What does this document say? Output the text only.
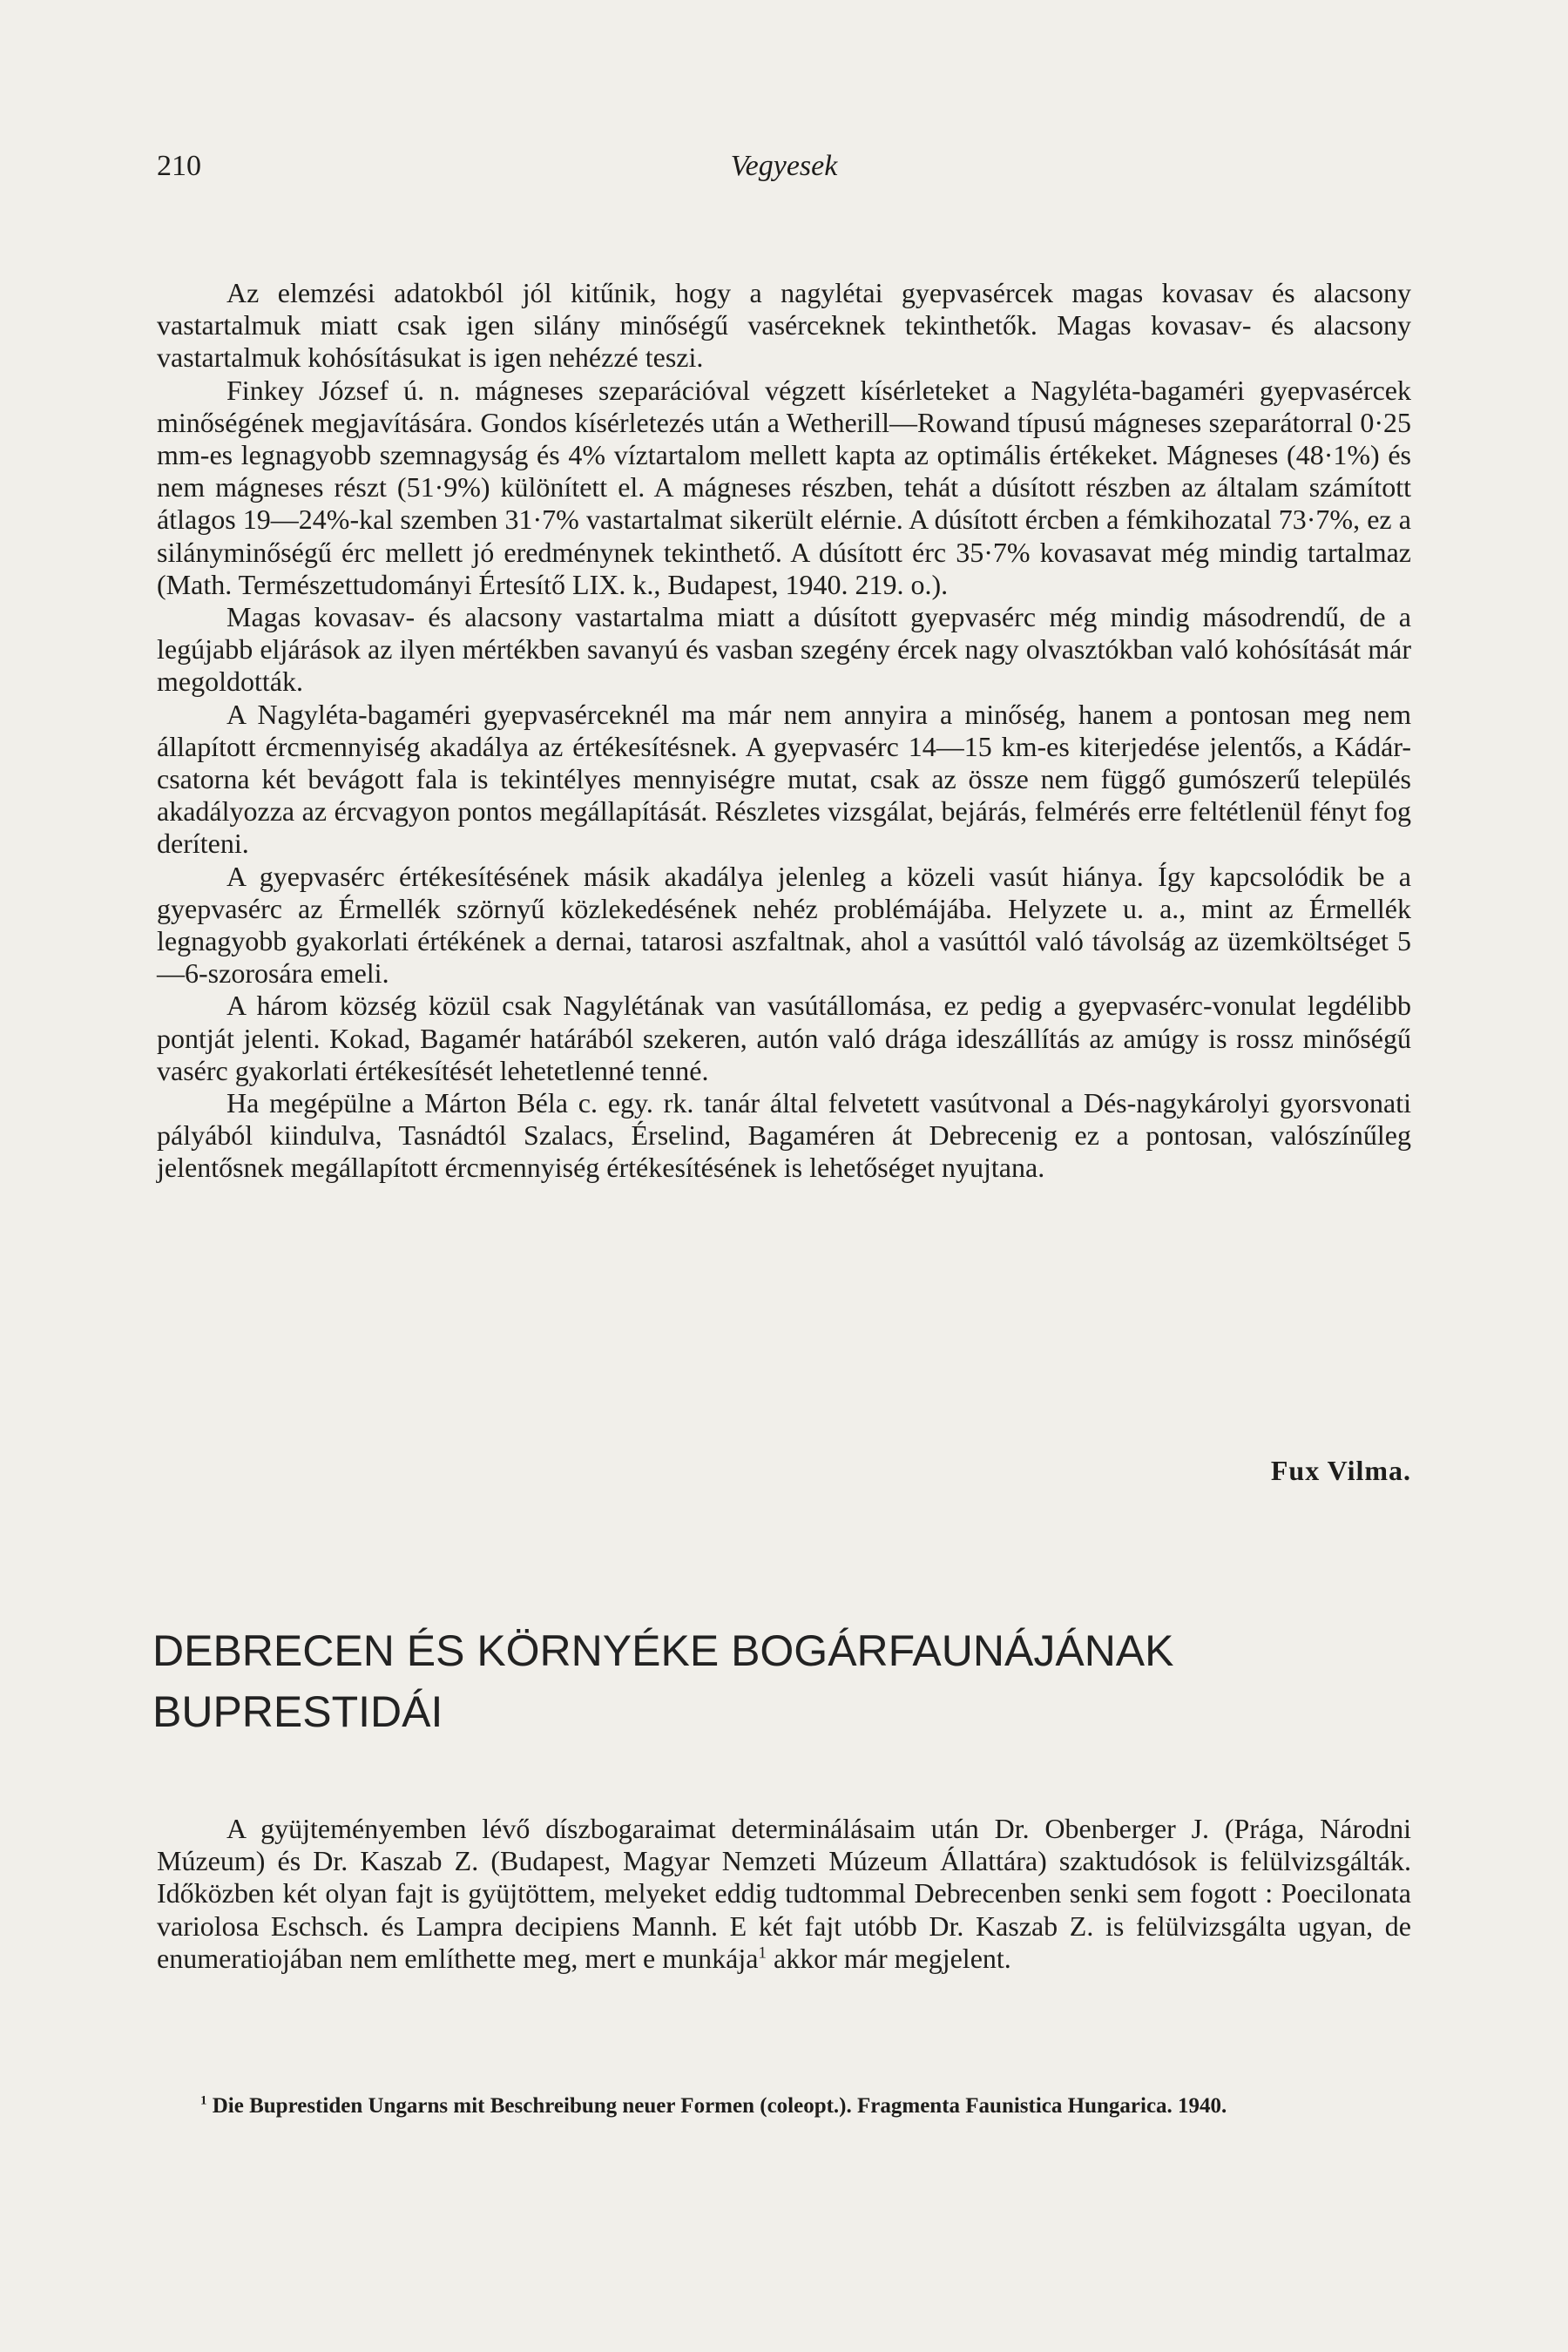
210	Vegyesek

Az elemzési adatokból jól kitűnik, hogy a nagylétai gyepvasércek magas kovasav és alacsony vastartalmuk miatt csak igen silány minőségű vasérceknek tekinthetők. Magas kovasav- és alacsony vastartalmuk kohósításukat is igen nehézzé teszi.

Finkey József ú. n. mágneses szeparációval végzett kísérleteket a Nagyléta-bagaméri gyepvasércek minőségének megjavítására. Gondos kísérletezés után a Wetherill—Rowand típusú mágneses szeparátorral 0·25 mm-es legnagyobb szemnagyság és 4% víztartalom mellett kapta az optimális értékeket. Mágneses (48·1%) és nem mágneses részt (51·9%) különített el. A mágneses részben, tehát a dúsított részben az általam számított átlagos 19—24%-kal szemben 31·7% vastartalmat sikerült elérnie. A dúsított ércben a fémkihozatal 73·7%, ez a silányminőségű érc mellett jó eredménynek tekinthető. A dúsított érc 35·7% kovasavat még mindig tartalmaz (Math. Természettudományi Értesítő LIX. k., Budapest, 1940. 219. o.).

Magas kovasav- és alacsony vastartalma miatt a dúsított gyepvasérc még mindig másodrendű, de a legújabb eljárások az ilyen mértékben savanyú és vasban szegény ércek nagy olvasztókban való kohósítását már megoldották.

A Nagyléta-bagaméri gyepvasérceknél ma már nem annyira a minőség, hanem a pontosan meg nem állapított ércmennyiség akadálya az értékesítésnek. A gyepvasérc 14—15 km-es kiterjedése jelentős, a Kádár-csatorna két bevágott fala is tekintélyes mennyiségre mutat, csak az össze nem függő gumószerű település akadályozza az ércvagyon pontos megállapítását. Részletes vizsgálat, bejárás, felmérés erre feltétlenül fényt fog deríteni.

A gyepvasérc értékesítésének másik akadálya jelenleg a közeli vasút hiánya. Így kapcsolódik be a gyepvasérc az Érmellék szörnyű közlekedésének nehéz problémájába. Helyzete u. a., mint az Érmellék legnagyobb gyakorlati értékének a dernai, tatarosi aszfaltnak, ahol a vasúttól való távolság az üzemköltséget 5—6-szorosára emeli.

A három község közül csak Nagylétának van vasútállomása, ez pedig a gyepvasérc-vonulat legdélibb pontját jelenti. Kokad, Bagamér határából szekeren, autón való drága ideszállítás az amúgy is rossz minőségű vasérc gyakorlati értékesítését lehetetlenné tenné.

Ha megépülne a Márton Béla c. egy. rk. tanár által felvetett vasútvonal a Dés-nagykárolyi gyorsvonati pályából kiindulva, Tasnádtól Szalacs, Érselind, Bagaméren át Debrecenig ez a pontosan, valószínűleg jelentősnek megállapított ércmennyiség értékesítésének is lehetőséget nyujtana.

Fux Vilma.
DEBRECEN ÉS KÖRNYÉKE BOGÁRFAUNÁJÁNAK
BUPRESTIDÁI

A gyüjteményemben lévő díszbogaraimat determinálásaim után Dr. Obenberger J. (Prága, Národni Múzeum) és Dr. Kaszab Z. (Budapest, Magyar Nemzeti Múzeum Állattára) szaktudósok is felülvizsgálták. Időközben két olyan fajt is gyüjtöttem, melyeket eddig tudtommal Debrecenben senki sem fogott : Poecilonata variolosa Eschsch. és Lampra decipiens Mannh. E két fajt utóbb Dr. Kaszab Z. is felülvizsgálta ugyan, de enumeratiojában nem említhette meg, mert e munkája$^1$ akkor már megjelent.

$^1$ Die Buprestiden Ungarns mit Beschreibung neuer Formen (coleopt.). Fragmenta Faunistica Hungarica. 1940.
